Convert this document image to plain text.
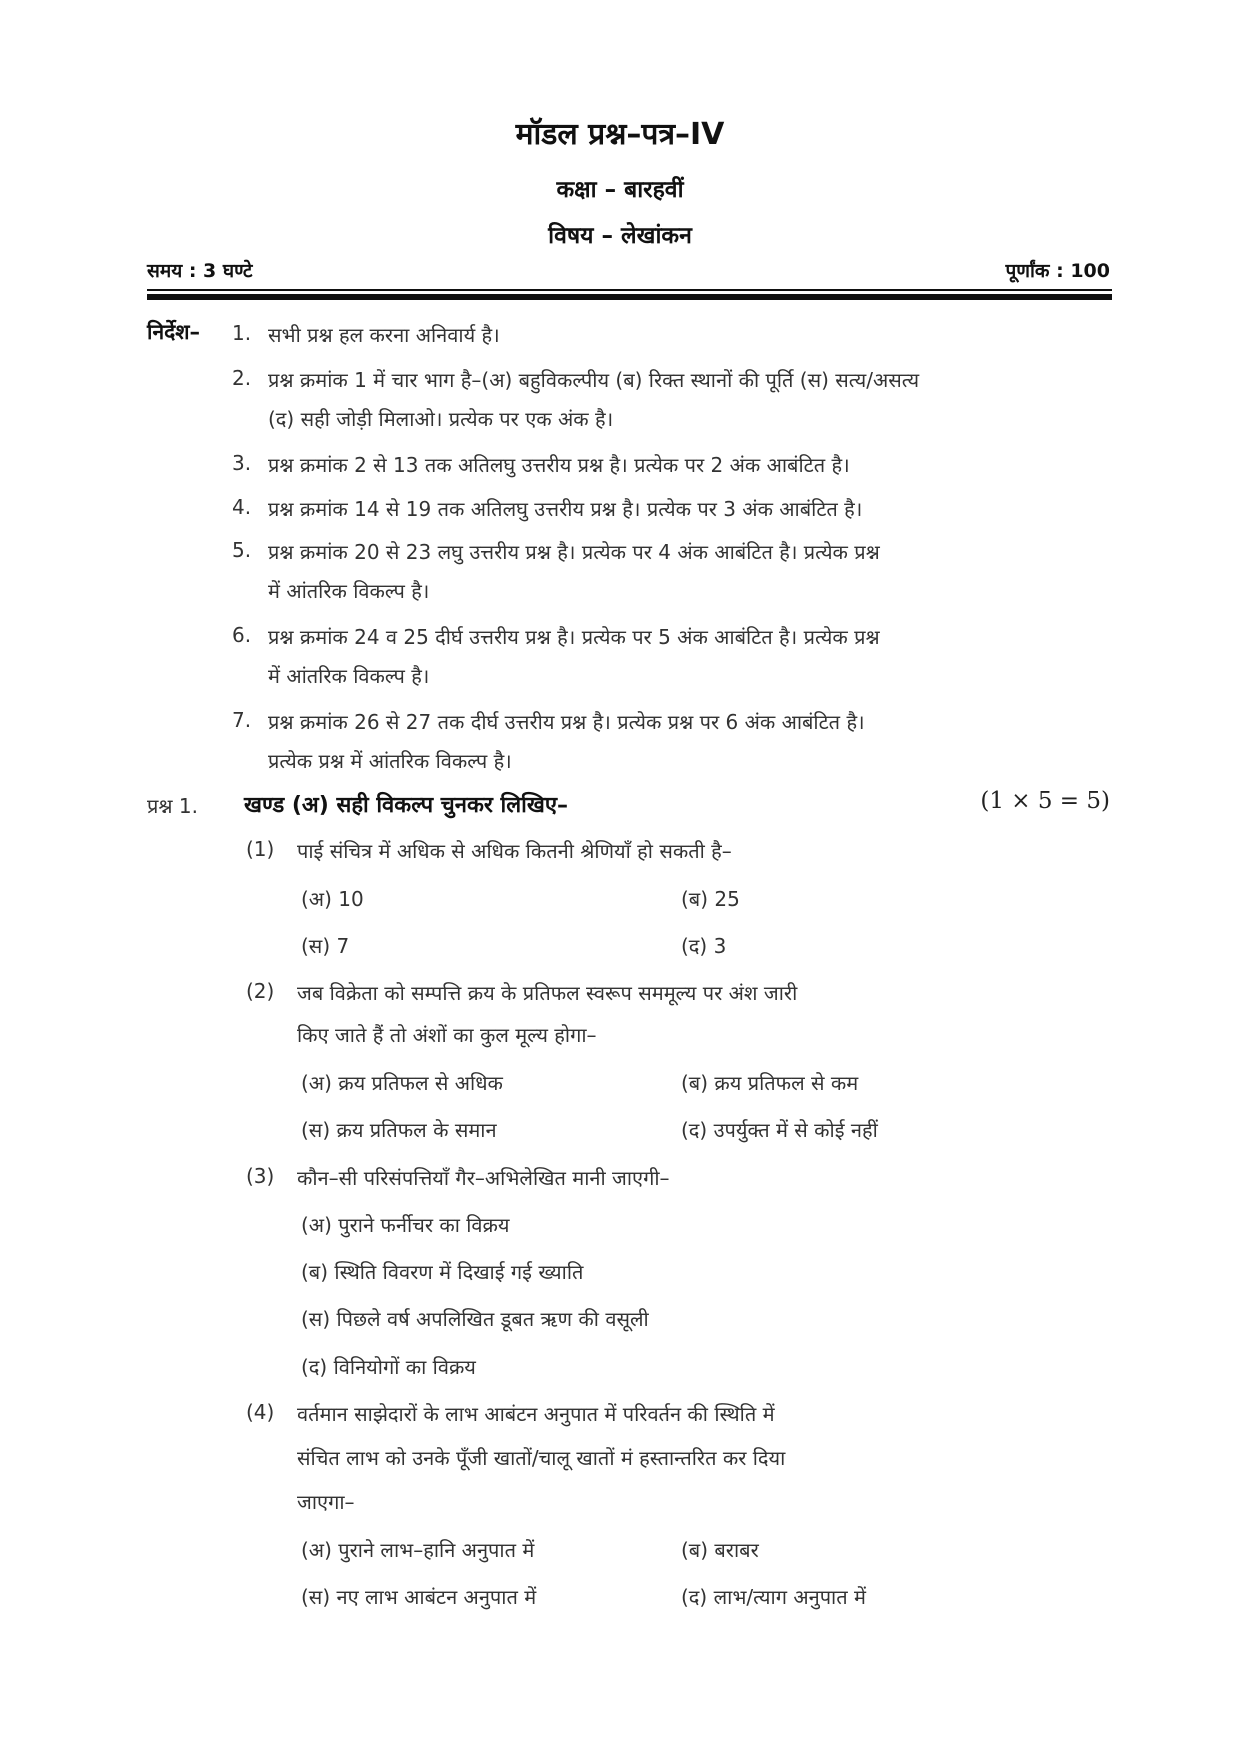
मॉडल प्रश्न–पत्र–IV
कक्षा – बारहवीं
विषय – लेखांकन
समय : 3 घण्टे	पूर्णांक : 100
निर्देश– 1. सभी प्रश्न हल करना अनिवार्य है।
2. प्रश्न क्रमांक 1 में चार भाग है–(अ) बहुविकल्पीय (ब) रिक्त स्थानों की पूर्ति (स) सत्य/असत्य
(द) सही जोड़ी मिलाओ। प्रत्येक पर एक अंक है।
3. प्रश्न क्रमांक 2 से 13 तक अतिलघु उत्तरीय प्रश्न है। प्रत्येक पर 2 अंक आबंटित है।
4. प्रश्न क्रमांक 14 से 19 तक अतिलघु उत्तरीय प्रश्न है। प्रत्येक पर 3 अंक आबंटित है।
5. प्रश्न क्रमांक 20 से 23 लघु उत्तरीय प्रश्न है। प्रत्येक पर 4 अंक आबंटित है। प्रत्येक प्रश्न
में आंतरिक विकल्प है।
6. प्रश्न क्रमांक 24 व 25 दीर्घ उत्तरीय प्रश्न है। प्रत्येक पर 5 अंक आबंटित है। प्रत्येक प्रश्न
में आंतरिक विकल्प है।
7. प्रश्न क्रमांक 26 से 27 तक दीर्घ उत्तरीय प्रश्न है। प्रत्येक प्रश्न पर 6 अंक आबंटित है।
प्रत्येक प्रश्न में आंतरिक विकल्प है।
प्रश्न 1. खण्ड (अ) सही विकल्प चुनकर लिखिए–	(1 × 5 = 5)
(1) पाई संचित्र में अधिक से अधिक कितनी श्रेणियाँ हो सकती है–
(अ) 10	(ब) 25
(स) 7	(द) 3
(2) जब विक्रेता को सम्पत्ति क्रय के प्रतिफल स्वरूप सममूल्य पर अंश जारी
किए जाते हैं तो अंशों का कुल मूल्य होगा–
(अ) क्रय प्रतिफल से अधिक	(ब) क्रय प्रतिफल से कम
(स) क्रय प्रतिफल के समान	(द) उपर्युक्त में से कोई नहीं
(3) कौन–सी परिसंपत्तियाँ गैर–अभिलेखित मानी जाएगी–
(अ) पुराने फर्नीचर का विक्रय
(ब) स्थिति विवरण में दिखाई गई ख्याति
(स) पिछले वर्ष अपलिखित डूबत ऋण की वसूली
(द) विनियोगों का विक्रय
(4) वर्तमान साझेदारों के लाभ आबंटन अनुपात में परिवर्तन की स्थिति में
संचित लाभ को उनके पूँजी खातों/चालू खातों मं हस्तान्तरित कर दिया
जाएगा–
(अ) पुराने लाभ–हानि अनुपात में	(ब) बराबर
(स) नए लाभ आबंटन अनुपात में	(द) लाभ/त्याग अनुपात में
